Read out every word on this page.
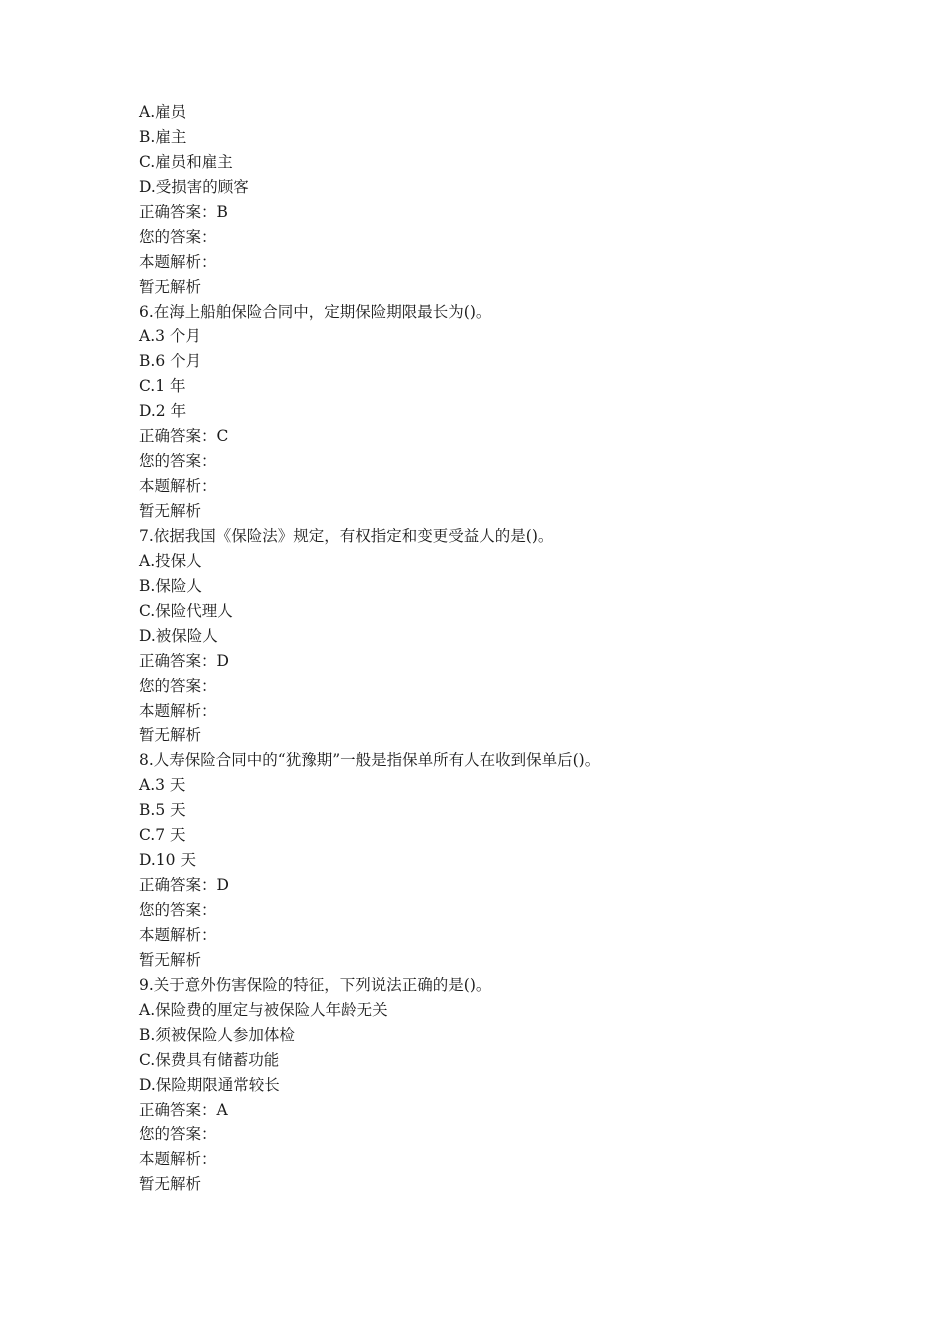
A.雇员
B.雇主
C.雇员和雇主
D.受损害的顾客
正确答案：B
您的答案：
本题解析：
暂无解析
6.在海上船舶保险合同中，定期保险期限最长为()。
A.3 个月
B.6 个月
C.1 年
D.2 年
正确答案：C
您的答案：
本题解析：
暂无解析
7.依据我国《保险法》规定，有权指定和变更受益人的是()。
A.投保人
B.保险人
C.保险代理人
D.被保险人
正确答案：D
您的答案：
本题解析：
暂无解析
8.人寿保险合同中的“犹豫期”一般是指保单所有人在收到保单后()。
A.3 天
B.5 天
C.7 天
D.10 天
正确答案：D
您的答案：
本题解析：
暂无解析
9.关于意外伤害保险的特征，下列说法正确的是()。
A.保险费的厘定与被保险人年龄无关
B.须被保险人参加体检
C.保费具有储蓄功能
D.保险期限通常较长
正确答案：A
您的答案：
本题解析：
暂无解析
